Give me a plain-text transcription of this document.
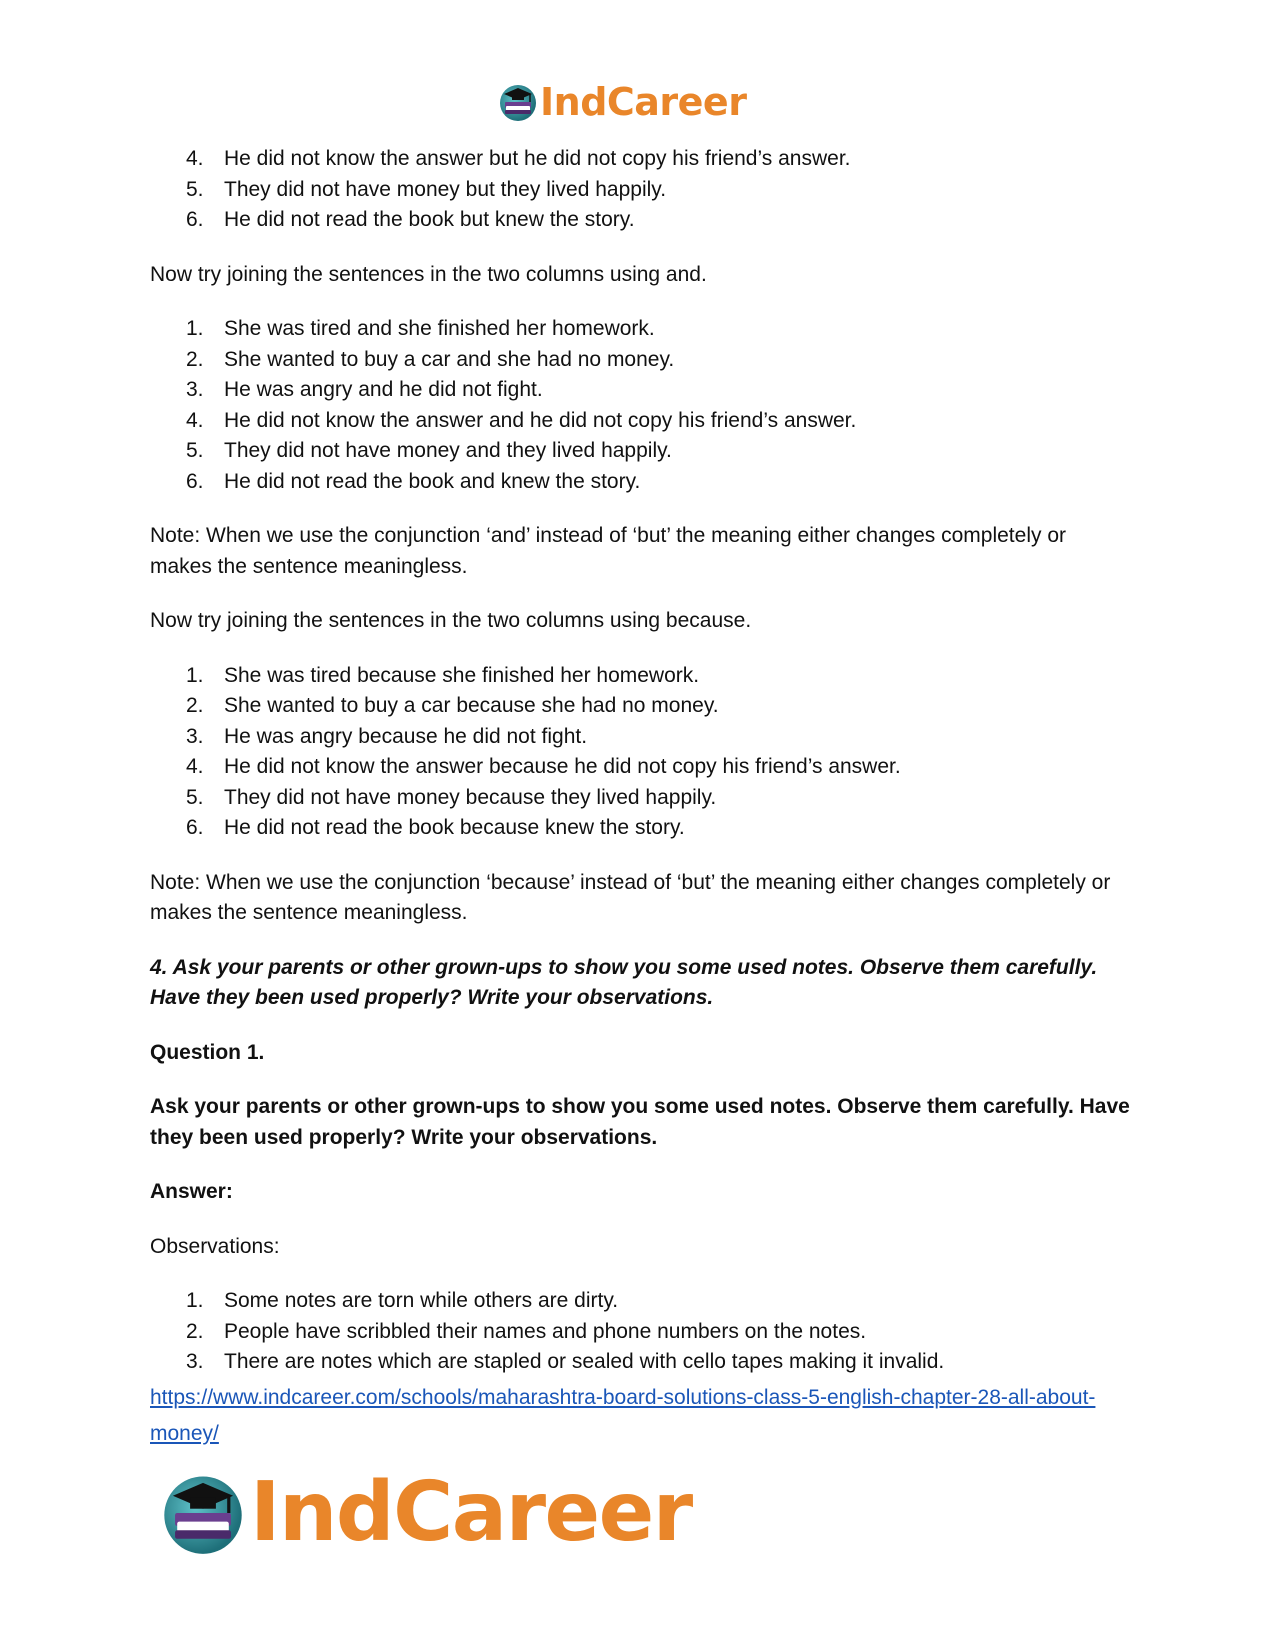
IndCareer
4. He did not know the answer but he did not copy his friend’s answer.
5. They did not have money but they lived happily.
6. He did not read the book but knew the story.

Now try joining the sentences in the two columns using and.

1. She was tired and she finished her homework.
2. She wanted to buy a car and she had no money.
3. He was angry and he did not fight.
4. He did not know the answer and he did not copy his friend’s answer.
5. They did not have money and they lived happily.
6. He did not read the book and knew the story.

Note: When we use the conjunction ‘and’ instead of ‘but’ the meaning either changes completely or makes the sentence meaningless.

Now try joining the sentences in the two columns using because.

1. She was tired because she finished her homework.
2. She wanted to buy a car because she had no money.
3. He was angry because he did not fight.
4. He did not know the answer because he did not copy his friend’s answer.
5. They did not have money because they lived happily.
6. He did not read the book because knew the story.

Note: When we use the conjunction ‘because’ instead of ‘but’ the meaning either changes completely or makes the sentence meaningless.

4. Ask your parents or other grown-ups to show you some used notes. Observe them carefully. Have they been used properly? Write your observations.

Question 1.

Ask your parents or other grown-ups to show you some used notes. Observe them carefully. Have they been used properly? Write your observations.

Answer:

Observations:

1. Some notes are torn while others are dirty.
2. People have scribbled their names and phone numbers on the notes.
3. There are notes which are stapled or sealed with cello tapes making it invalid.
https://www.indcareer.com/schools/maharashtra-board-solutions-class-5-english-chapter-28-all-about-money/
IndCareer
